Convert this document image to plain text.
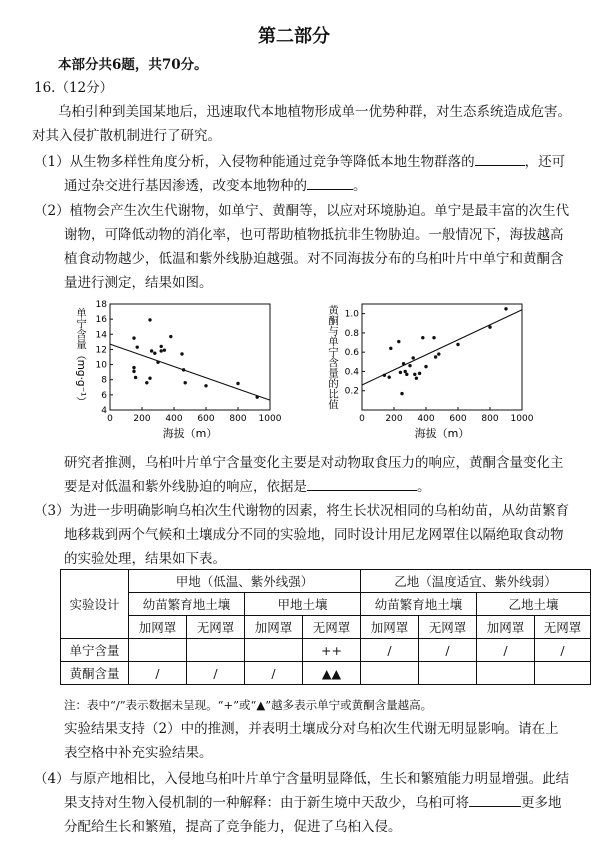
第二部分
本部分共6题，共70分。
16.（12分）
乌桕引种到美国某地后，迅速取代本地植物形成单一优势种群，对生态系统造成危害。
对其入侵扩散机制进行了研究。
（1）从生物多样性角度分析，入侵物种能通过竞争等降低本地生物群落的	，还可
通过杂交进行基因渗透，改变本地物种的	。
（2）植物会产生次生代谢物，如单宁、黄酮等，以应对环境胁迫。单宁是最丰富的次生代
谢物，可降低动物的消化率，也可帮助植物抵抗非生物胁迫。一般情况下，海拔越高
植食动物越少，低温和紫外线胁迫越强。对不同海拔分布的乌桕叶片中单宁和黄酮含
量进行测定，结果如图。
0 200 400 600 800 1000
4
6
8
10
12
14
16
18
海拔（m）
单宁含量（mg·g⁻¹）
0 200 400 600 800 1000
0.2
0.4
0.6
0.8
1.0
海拔（m）
黄酮与单宁含量的比值
研究者推测，乌桕叶片单宁含量变化主要是对动物取食压力的响应，黄酮含量变化主
要是对低温和紫外线胁迫的响应，依据是	。
（3）为进一步明确影响乌桕次生代谢物的因素，将生长状况相同的乌桕幼苗，从幼苗繁育
地移栽到两个气候和土壤成分不同的实验地，同时设计用尼龙网罩住以隔绝取食动物
的实验处理，结果如下表。
实验设计	甲地（低温、紫外线强）				乙地（温度适宜、紫外线弱）			
	幼苗繁育地土壤		甲地土壤		幼苗繁育地土壤		乙地土壤	
	加网罩	无网罩	加网罩	无网罩	加网罩	无网罩	加网罩	无网罩
单宁含量				++	/	/	/	/
黄酮含量	/	/	/	▲▲				
注：表中“/”表示数据未呈现。“+”或“▲”越多表示单宁或黄酮含量越高。
实验结果支持（2）中的推测，并表明土壤成分对乌桕次生代谢无明显影响。请在上
表空格中补充实验结果。
（4）与原产地相比，入侵地乌桕叶片单宁含量明显降低，生长和繁殖能力明显增强。此结
果支持对生物入侵机制的一种解释：由于新生境中天敌少，乌桕可将	更多地
分配给生长和繁殖，提高了竞争能力，促进了乌桕入侵。
